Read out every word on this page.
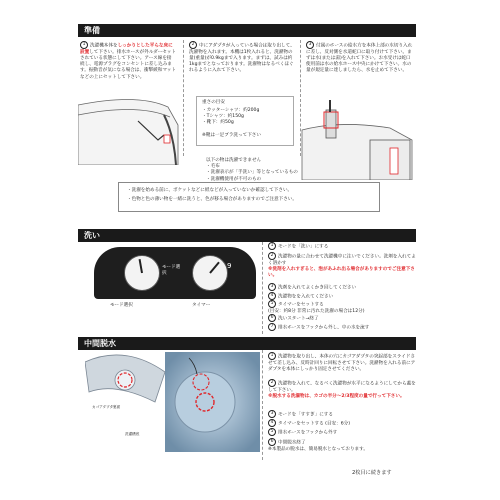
準備
1 洗濯機本体をしっかりとした平らな床に設置して下さい。排水ホースが外ルダーセットされている状態にして下さい。アース線を接続し、電源プラグをコンセントに差し込みます。振動音が気になる場合は、衝撃緩和マットなどの上にセットして下さい。
2 中にアダプタが入っている場合は取り出して、洗濯物を入れます。本機は1枚入れると、洗濯物の量(重量)が0.9kgまで入ります。まずは、試みは約1kgまでとなっております。洗濯物はなるべくほぐれるように入れて下さい。
重さの目安
・カッターシャツ：約200g
・Tシャツ：約150g
・靴下：約50g
※靴は一足ブラ洗って下さい
以下の物は洗濯できません
・毛布
・洗濯表示が「手洗い」等となっているもの
・洗濯機使用が不可のもの
3 付属のホースの給水方を本体上部の水切り入れに差し、反対側を水道蛇口に取り付けて下さい。まずは水(または湯)を入れて下さい。お水受けは蛇口使用前は水の給水ホース中央にかけて下さい。水の量が規定量に達しましたら、水を止めて下さい。
・洗濯を始める前に、ポケットなどに紙などが入っていないか確認して下さい。
・色物と色の薄い物を一緒に洗うと、色が移る場合がありますのでご注意下さい。
洗い
モード選択
9
モード選択	タイマー
1 モードを「洗い」にする
2 洗濯物の量に合わせて洗濯機中に注いでください。洗剤を入れてよく溶かす
※洗剤を入れすぎると、泡があふれ出る場合がありますのでご注意下さい。
3 洗剤を入れてよくかき回してください
4 洗濯物をを入れてください
5 タイマーをセットする
(目安：約8分 非常に汚れた洗濯の場合は12分)
6 洗いスタート→終了
7 排水ホースをフックから外し、中の水を流す
中間脱水
カゴアダプタ裏面
洗濯槽底
1 洗濯物を取り出し、本体の穴にカゴアダプタの突起部をスライドさせて差し込み、反時計回りに回転させて下さい。洗濯物を入れる前にアダプタを本体にしっかり固定させてください。
2 洗濯物を入れて、なるべく洗濯物が水平になるようにしてから蓋をして下さい。
※脱水する洗濯物は、カゴの半分～2/3程度の量で行って下さい。
3 モードを「すすぎ」にする
4 タイマーをセットする (目安：6分)
5 排水ホースをフックから外す
6 中間脱水終了
※本製品の脱水は、簡易脱水となっております。
2枚目に続きます
